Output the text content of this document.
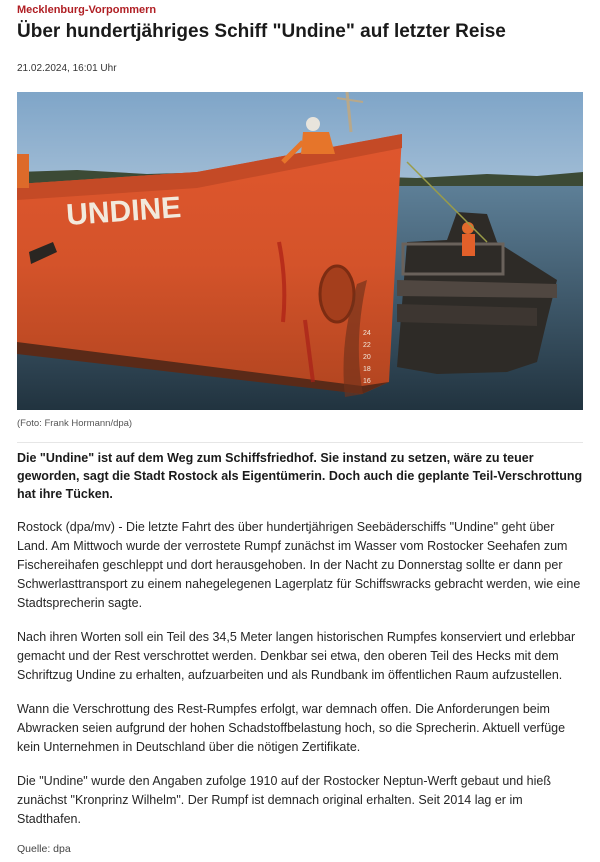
Mecklenburg-Vorpommern
Über hundertjähriges Schiff "Undine" auf letzter Reise
21.02.2024, 16:01 Uhr
UNDINE
24
22
20
18
16
(Foto: Frank Hormann/dpa)
Die "Undine" ist auf dem Weg zum Schiffsfriedhof. Sie instand zu setzen, wäre zu teuer geworden, sagt die Stadt Rostock als Eigentümerin. Doch auch die geplante Teil-Verschrottung hat ihre Tücken.
Rostock (dpa/mv) - Die letzte Fahrt des über hundertjährigen Seebäderschiffs "Undine" geht über Land. Am Mittwoch wurde der verrostete Rumpf zunächst im Wasser vom Rostocker Seehafen zum Fischereihafen geschleppt und dort herausgehoben. In der Nacht zu Donnerstag sollte er dann per Schwerlasttransport zu einem nahegelegenen Lagerplatz für Schiffswracks gebracht werden, wie eine Stadtsprecherin sagte.
Nach ihren Worten soll ein Teil des 34,5 Meter langen historischen Rumpfes konserviert und erlebbar gemacht und der Rest verschrottet werden. Denkbar sei etwa, den oberen Teil des Hecks mit dem Schriftzug Undine zu erhalten, aufzuarbeiten und als Rundbank im öffentlichen Raum aufzustellen.
Wann die Verschrottung des Rest-Rumpfes erfolgt, war demnach offen. Die Anforderungen beim Abwracken seien aufgrund der hohen Schadstoffbelastung hoch, so die Sprecherin. Aktuell verfüge kein Unternehmen in Deutschland über die nötigen Zertifikate.
Die "Undine" wurde den Angaben zufolge 1910 auf der Rostocker Neptun-Werft gebaut und hieß zunächst "Kronprinz Wilhelm". Der Rumpf ist demnach original erhalten. Seit 2014 lag er im Stadthafen.
Quelle: dpa
